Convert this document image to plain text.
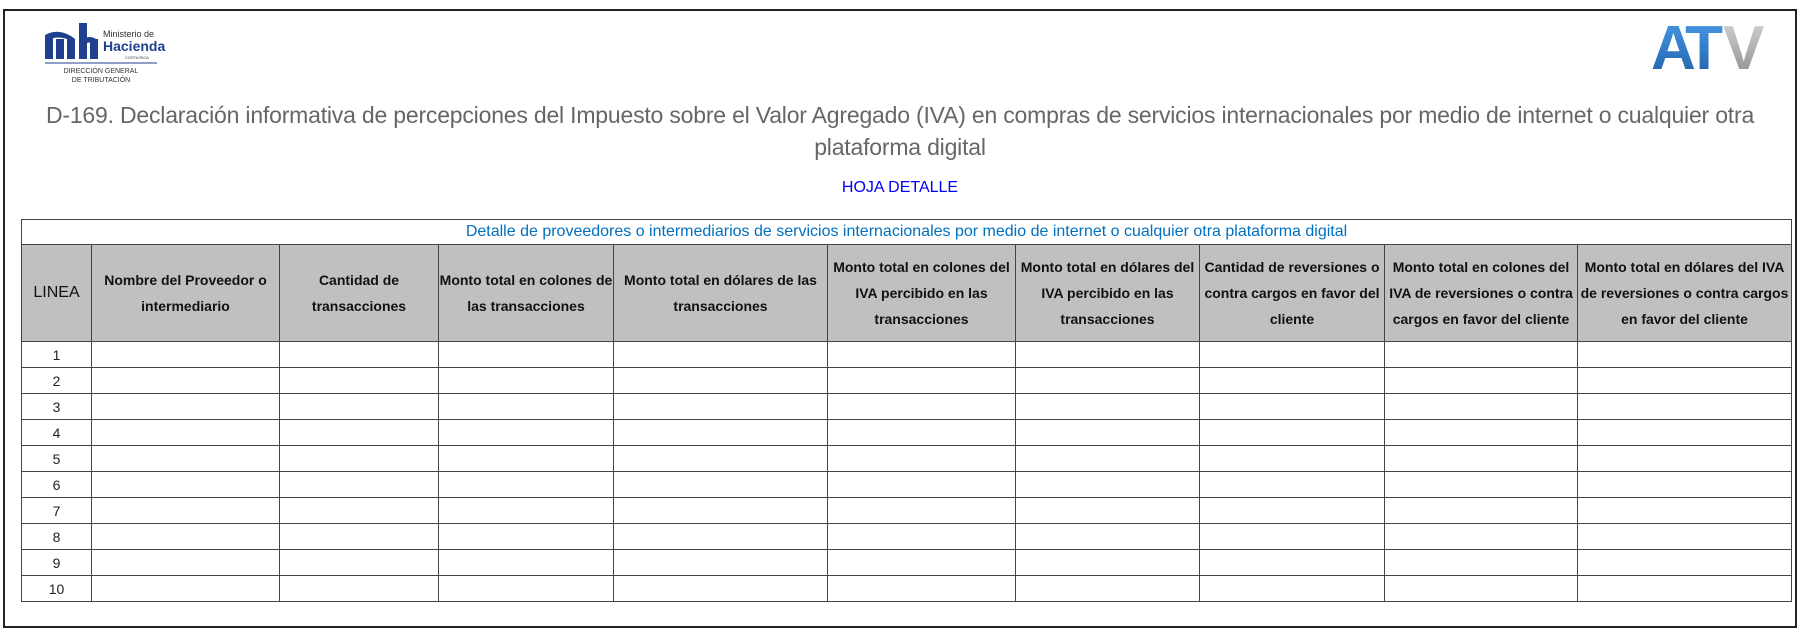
Ministerio de
Hacienda
COSTA RICA
DIRECCIÓN GENERAL
DE TRIBUTACIÓN	AT V
D-169. Declaración informativa de percepciones del Impuesto sobre el Valor Agregado (IVA) en compras de servicios internacionales por medio de internet o cualquier otra plataforma digital
HOJA DETALLE
Detalle de proveedores o intermediarios de servicios internacionales por medio de internet o cualquier otra plataforma digital									
LINEA	Nombre del Proveedor o intermediario	Cantidad de transacciones	Monto total en colones de las transacciones	Monto total en dólares de las transacciones	Monto total en colones del IVA percibido en las transacciones	Monto total en dólares del IVA percibido en las transacciones	Cantidad de reversiones o contra cargos en favor del cliente	Monto total en colones del IVA de reversiones o contra cargos en favor del cliente	Monto total en dólares del IVA de reversiones o contra cargos en favor del cliente
1									
2									
3									
4									
5									
6									
7									
8									
9									
10									
